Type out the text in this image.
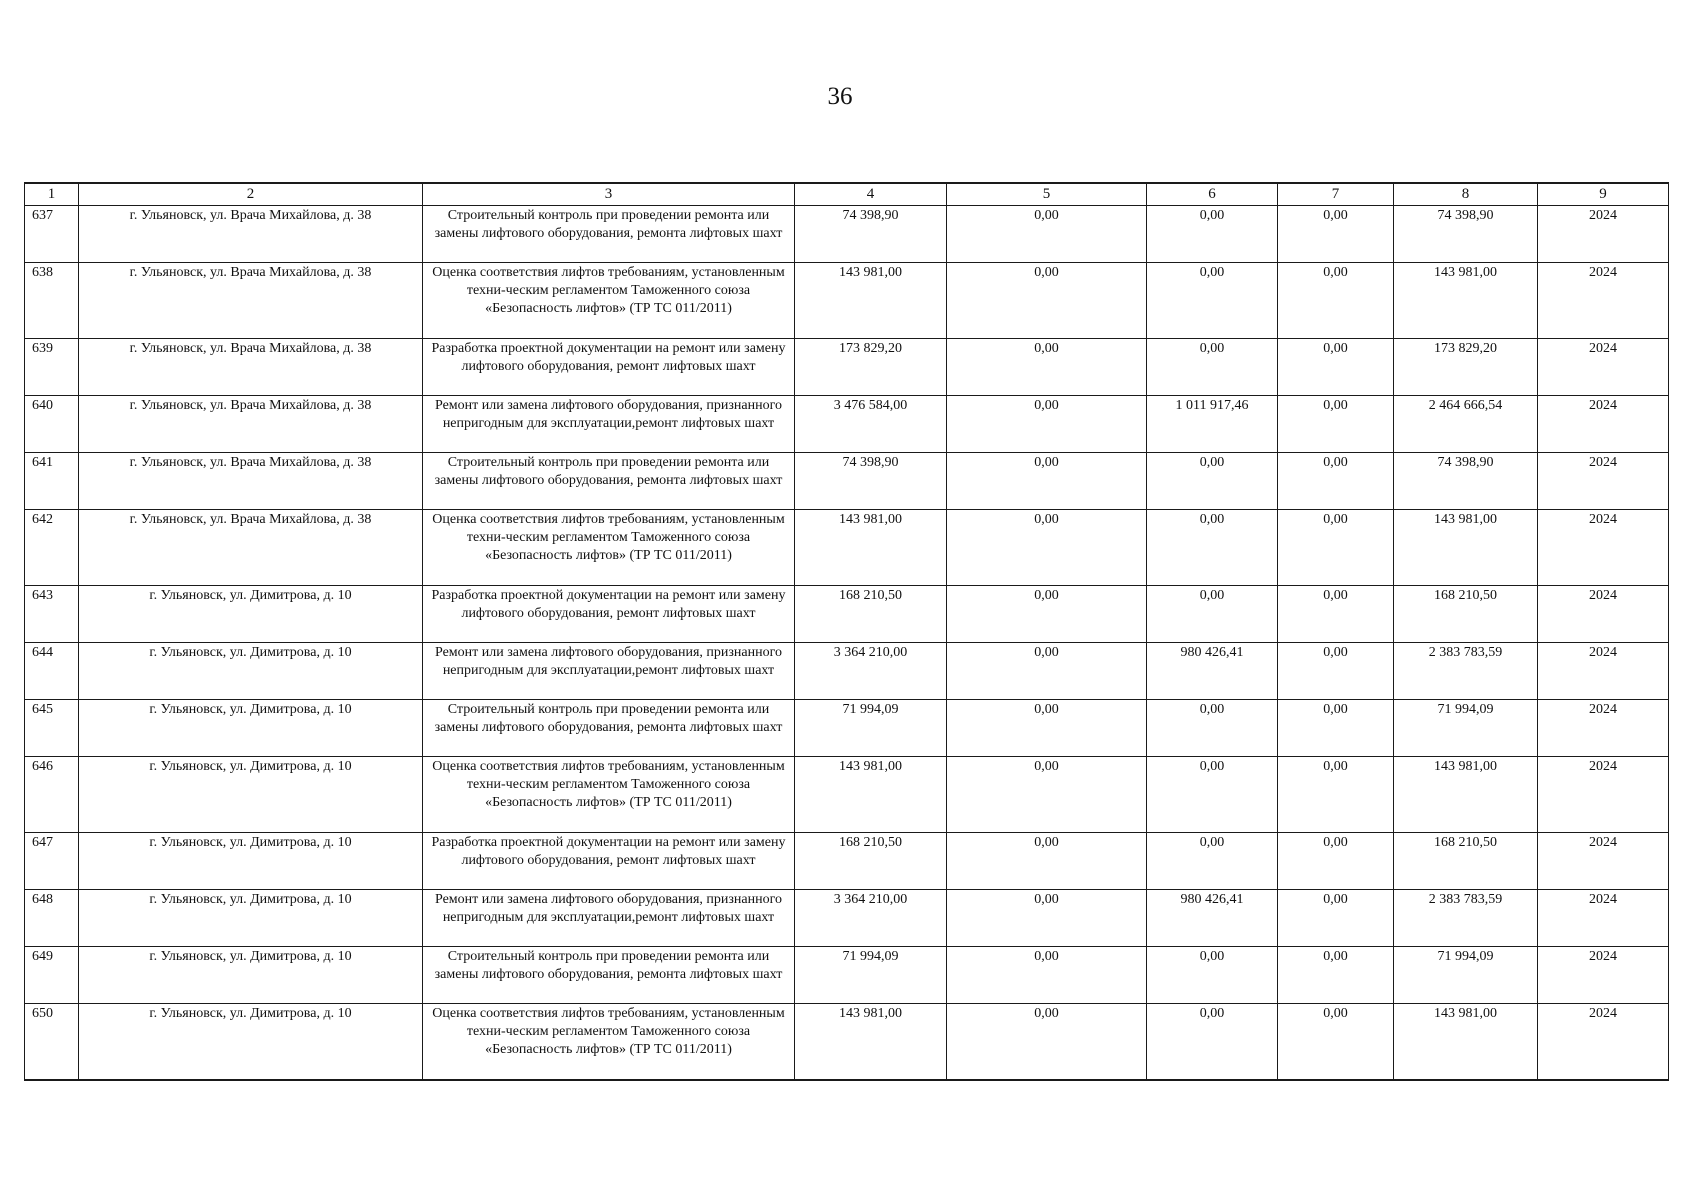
36
1	2	3	4	5	6	7	8	9
637	г. Ульяновск, ул. Врача Михайлова, д. 38	Строительный контроль при проведении ремонта или замены лифтового оборудования, ремонта лифтовых шахт	74 398,90	0,00	0,00	0,00	74 398,90	2024
638	г. Ульяновск, ул. Врача Михайлова, д. 38	Оценка соответствия лифтов требованиям, установленным техни-ческим регламентом Таможенного союза «Безопасность лифтов» (ТР ТС 011/2011)	143 981,00	0,00	0,00	0,00	143 981,00	2024
639	г. Ульяновск, ул. Врача Михайлова, д. 38	Разработка проектной документации на ремонт или замену лифтового оборудования, ремонт лифтовых шахт	173 829,20	0,00	0,00	0,00	173 829,20	2024
640	г. Ульяновск, ул. Врача Михайлова, д. 38	Ремонт или замена лифтового оборудования, признанного непригодным для эксплуатации,ремонт лифтовых шахт	3 476 584,00	0,00	1 011 917,46	0,00	2 464 666,54	2024
641	г. Ульяновск, ул. Врача Михайлова, д. 38	Строительный контроль при проведении ремонта или замены лифтового оборудования, ремонта лифтовых шахт	74 398,90	0,00	0,00	0,00	74 398,90	2024
642	г. Ульяновск, ул. Врача Михайлова, д. 38	Оценка соответствия лифтов требованиям, установленным техни-ческим регламентом Таможенного союза «Безопасность лифтов» (ТР ТС 011/2011)	143 981,00	0,00	0,00	0,00	143 981,00	2024
643	г. Ульяновск, ул. Димитрова, д. 10	Разработка проектной документации на ремонт или замену лифтового оборудования, ремонт лифтовых шахт	168 210,50	0,00	0,00	0,00	168 210,50	2024
644	г. Ульяновск, ул. Димитрова, д. 10	Ремонт или замена лифтового оборудования, признанного непригодным для эксплуатации,ремонт лифтовых шахт	3 364 210,00	0,00	980 426,41	0,00	2 383 783,59	2024
645	г. Ульяновск, ул. Димитрова, д. 10	Строительный контроль при проведении ремонта или замены лифтового оборудования, ремонта лифтовых шахт	71 994,09	0,00	0,00	0,00	71 994,09	2024
646	г. Ульяновск, ул. Димитрова, д. 10	Оценка соответствия лифтов требованиям, установленным техни-ческим регламентом Таможенного союза «Безопасность лифтов» (ТР ТС 011/2011)	143 981,00	0,00	0,00	0,00	143 981,00	2024
647	г. Ульяновск, ул. Димитрова, д. 10	Разработка проектной документации на ремонт или замену лифтового оборудования, ремонт лифтовых шахт	168 210,50	0,00	0,00	0,00	168 210,50	2024
648	г. Ульяновск, ул. Димитрова, д. 10	Ремонт или замена лифтового оборудования, признанного непригодным для эксплуатации,ремонт лифтовых шахт	3 364 210,00	0,00	980 426,41	0,00	2 383 783,59	2024
649	г. Ульяновск, ул. Димитрова, д. 10	Строительный контроль при проведении ремонта или замены лифтового оборудования, ремонта лифтовых шахт	71 994,09	0,00	0,00	0,00	71 994,09	2024
650	г. Ульяновск, ул. Димитрова, д. 10	Оценка соответствия лифтов требованиям, установленным техни-ческим регламентом Таможенного союза «Безопасность лифтов» (ТР ТС 011/2011)	143 981,00	0,00	0,00	0,00	143 981,00	2024
